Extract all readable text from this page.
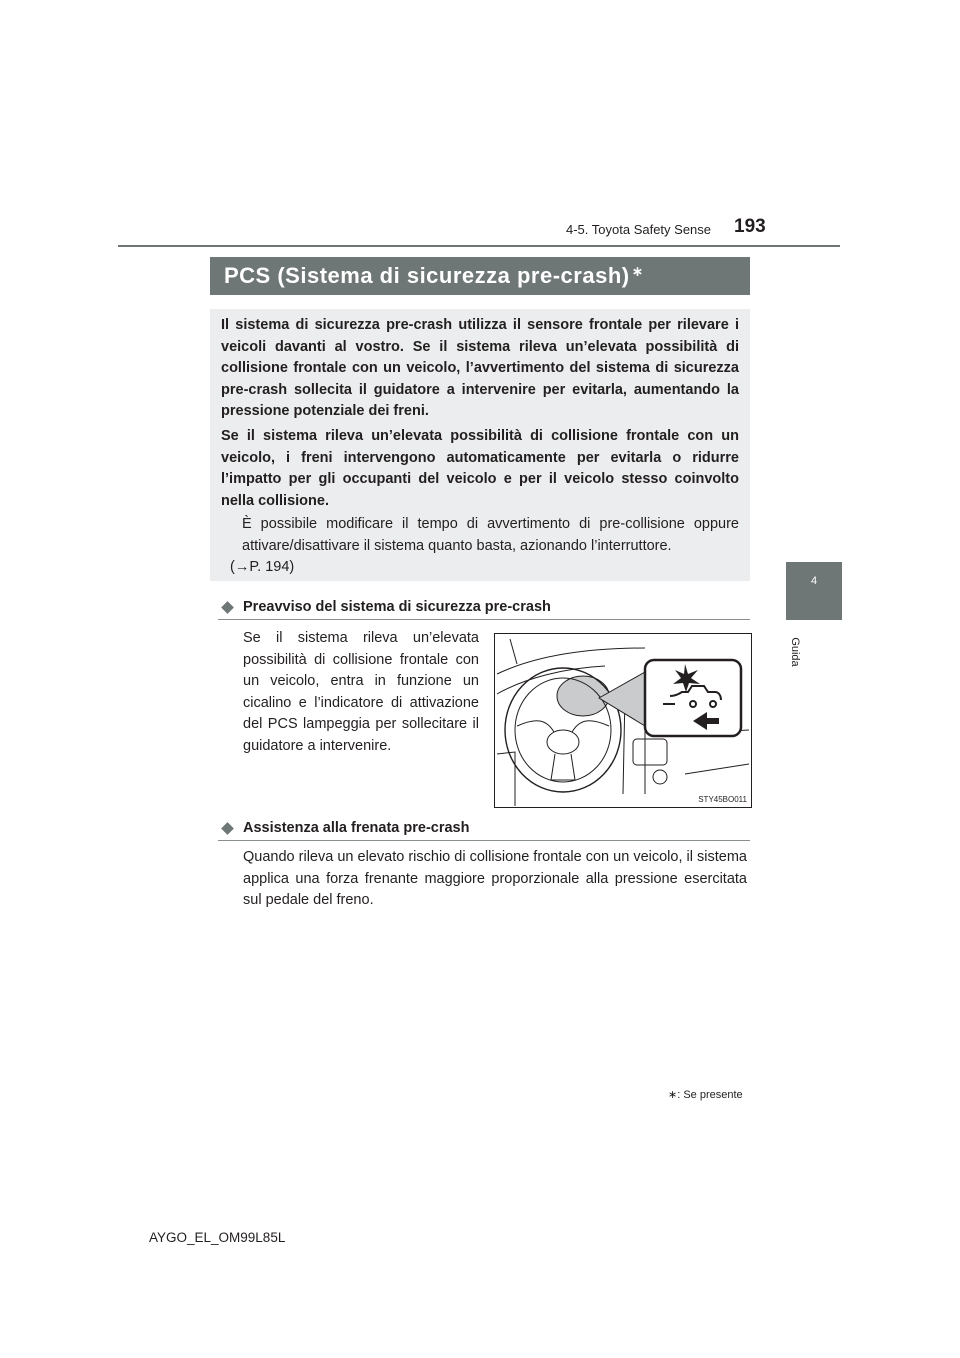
193
4-5. Toyota Safety Sense
4
Guida
PCS (Sistema di sicurezza pre-crash) ∗

Il sistema di sicurezza pre-crash utilizza il sensore frontale per rilevare i veicoli davanti al vostro. Se il sistema rileva un’elevata possibilità di collisione frontale con un veicolo, l’avvertimento del sistema di sicurezza pre-crash sollecita il guidatore a intervenire per evitarla, aumentando la pressione potenziale dei freni.

Se il sistema rileva un’elevata possibilità di collisione frontale con un veicolo, i freni intervengono automaticamente per evitarla o ridurre l’impatto per gli occupanti del veicolo e per il veicolo stesso coinvolto nella collisione.

È possibile modificare il tempo di avvertimento di pre-collisione oppure attivare/disattivare il sistema quanto basta, azionando l’interruttore.
(→P. 194)

Preavviso del sistema di sicurezza pre-crash

Se il sistema rileva un’elevata possibilità di collisione frontale con un veicolo, entra in funzione un cicalino e l’indicatore di attivazione del PCS lampeggia per sollecitare il guidatore a intervenire.

STY45BO011
Assistenza alla frenata pre-crash

Quando rileva un elevato rischio di collisione frontale con un veicolo, il sistema applica una forza frenante maggiore proporzionale alla pressione esercitata sul pedale del freno.

∗: Se presente
AYGO_EL_OM99L85L
